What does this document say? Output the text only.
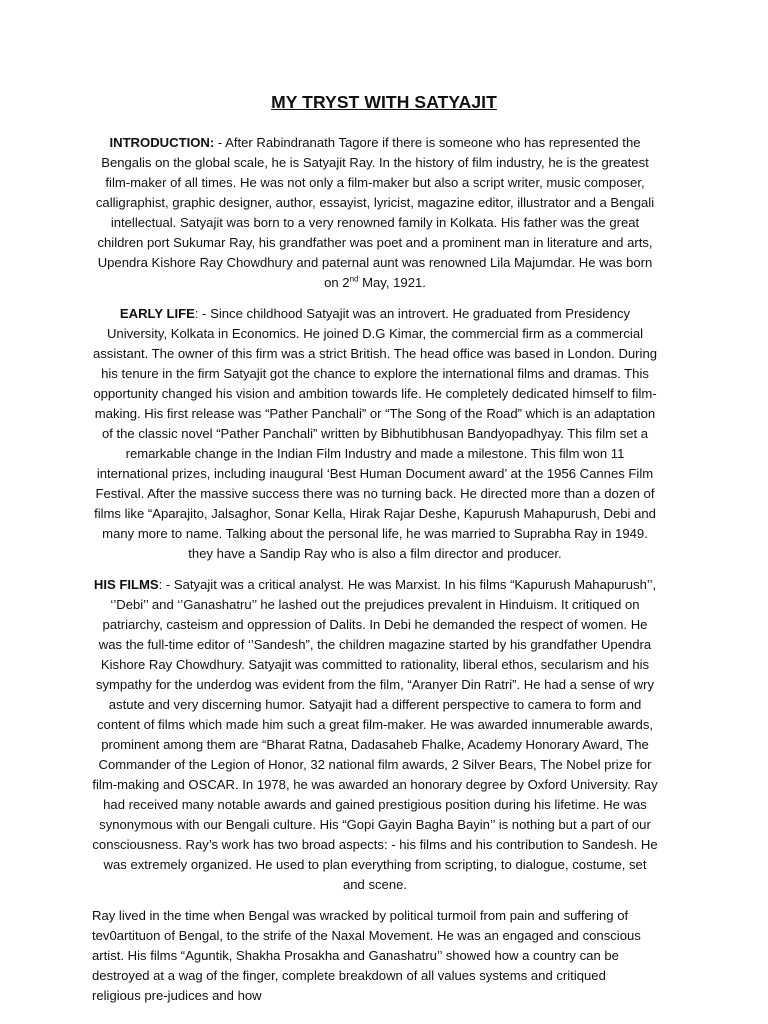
MY TRYST WITH SATYAJIT

INTRODUCTION: - After Rabindranath Tagore if there is someone who has represented the Bengalis on the global scale, he is Satyajit Ray. In the history of film industry, he is the greatest film-maker of all times. He was not only a film-maker but also a script writer, music composer, calligraphist, graphic designer, author, essayist, lyricist, magazine editor, illustrator and a Bengali intellectual. Satyajit was born to a very renowned family in Kolkata. His father was the great children port Sukumar Ray, his grandfather was poet and a prominent man in literature and arts, Upendra Kishore Ray Chowdhury and paternal aunt was renowned Lila Majumdar. He was born on 2nd May, 1921.

EARLY LIFE: - Since childhood Satyajit was an introvert. He graduated from Presidency University, Kolkata in Economics. He joined D.G Kimar, the commercial firm as a commercial assistant. The owner of this firm was a strict British. The head office was based in London. During his tenure in the firm Satyajit got the chance to explore the international films and dramas. This opportunity changed his vision and ambition towards life. He completely dedicated himself to film-making. His first release was “Pather Panchali” or “The Song of the Road” which is an adaptation of the classic novel “Pather Panchali” written by Bibhutibhusan Bandyopadhyay. This film set a remarkable change in the Indian Film Industry and made a milestone. This film won 11 international prizes, including inaugural ‘Best Human Document award’ at the 1956 Cannes Film Festival. After the massive success there was no turning back. He directed more than a dozen of films like “Aparajito, Jalsaghor, Sonar Kella, Hirak Rajar Deshe, Kapurush Mahapurush, Debi and many more to name. Talking about the personal life, he was married to Suprabha Ray in 1949. they have a Sandip Ray who is also a film director and producer.

HIS FILMS: - Satyajit was a critical analyst. He was Marxist. In his films “Kapurush Mahapurush’’, ‘’Debi’’ and ‘’Ganashatru’’ he lashed out the prejudices prevalent in Hinduism. It critiqued on patriarchy, casteism and oppression of Dalits. In Debi he demanded the respect of women. He was the full-time editor of ‘’Sandesh”, the children magazine started by his grandfather Upendra Kishore Ray Chowdhury. Satyajit was committed to rationality, liberal ethos, secularism and his sympathy for the underdog was evident from the film, “Aranyer Din Ratri”. He had a sense of wry astute and very discerning humor. Satyajit had a different perspective to camera to form and content of films which made him such a great film-maker. He was awarded innumerable awards, prominent among them are “Bharat Ratna, Dadasaheb Fhalke, Academy Honorary Award, The Commander of the Legion of Honor, 32 national film awards, 2 Silver Bears, The Nobel prize for film-making and OSCAR. In 1978, he was awarded an honorary degree by Oxford University. Ray had received many notable awards and gained prestigious position during his lifetime. He was synonymous with our Bengali culture. His “Gopi Gayin Bagha Bayin’’ is nothing but a part of our consciousness. Ray’s work has two broad aspects: - his films and his contribution to Sandesh. He was extremely organized. He used to plan everything from scripting, to dialogue, costume, set and scene.

Ray lived in the time when Bengal was wracked by political turmoil from pain and suffering of tev0artituon of Bengal, to the strife of the Naxal Movement. He was an engaged and conscious artist. His films “Aguntik, Shakha Prosakha and Ganashatru’’ showed how a country can be destroyed at a wag of the finger, complete breakdown of all values systems and critiqued religious pre-judices and how
